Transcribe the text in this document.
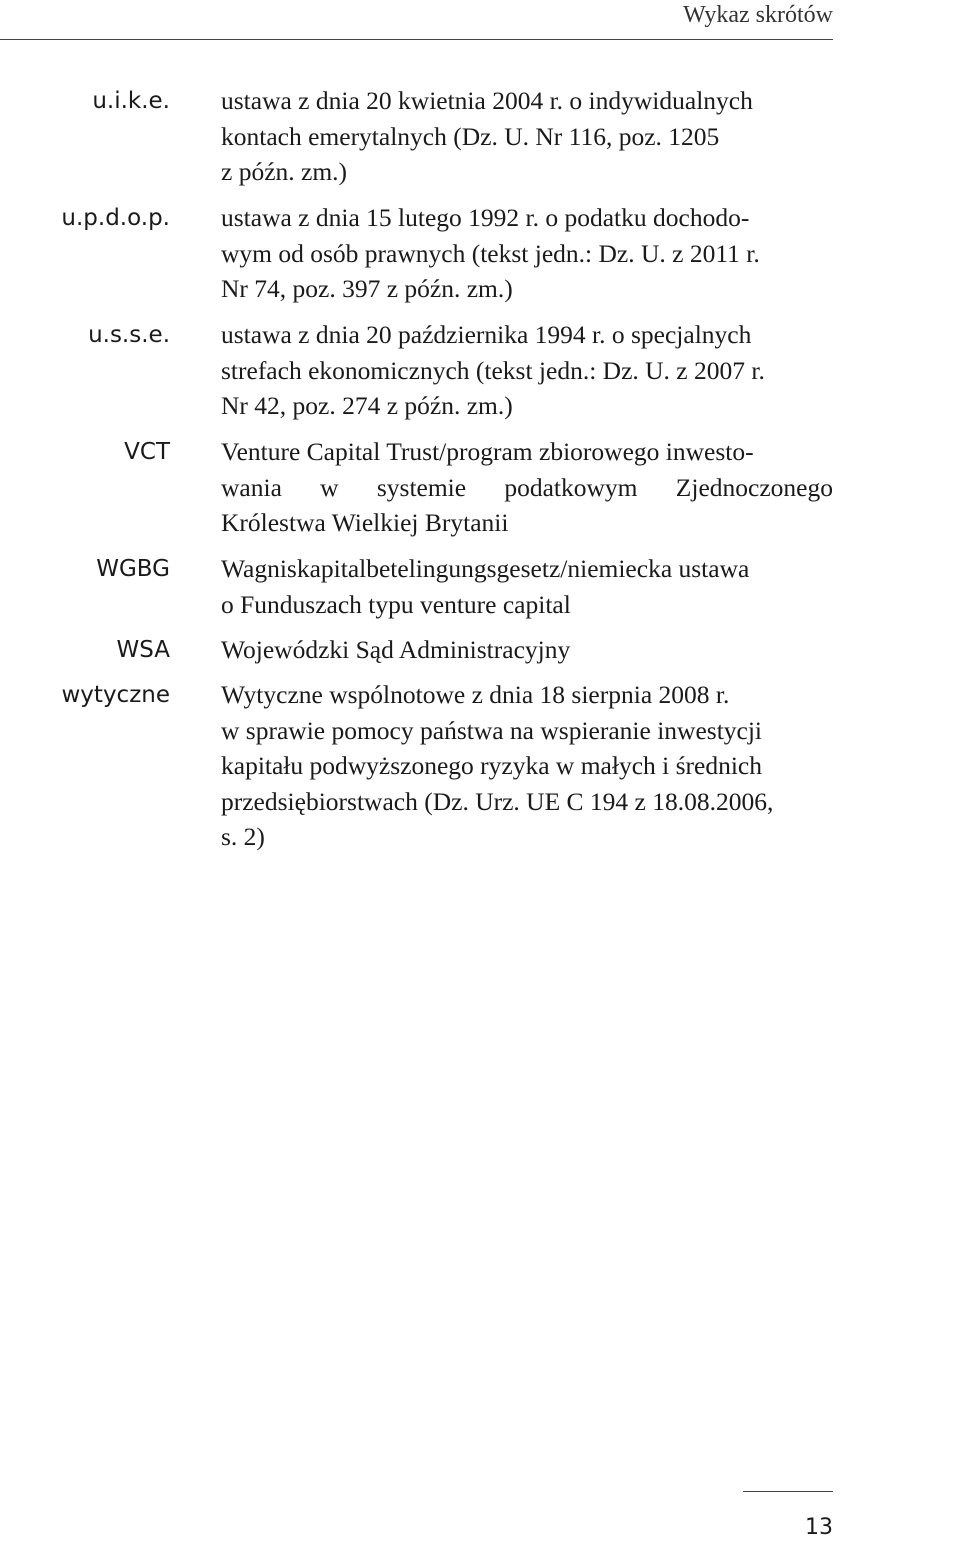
Wykaz skrótów
u.i.k.e. ustawa z dnia 20 kwietnia 2004 r. o indywidualnych
kontach emerytalnych (Dz. U. Nr 116, poz. 1205
z późn. zm.)
u.p.d.o.p. ustawa z dnia 15 lutego 1992 r. o podatku dochodo-
wym od osób prawnych (tekst jedn.: Dz. U. z 2011 r.
Nr 74, poz. 397 z późn. zm.)
u.s.s.e. ustawa z dnia 20 października 1994 r. o specjalnych
strefach ekonomicznych (tekst jedn.: Dz. U. z 2007 r.
Nr 42, poz. 274 z późn. zm.)
VCT Venture Capital Trust/program zbiorowego inwesto-
wania w systemie podatkowym Zjednoczonego
Królestwa Wielkiej Brytanii
WGBG Wagniskapitalbetelingungsgesetz/niemiecka ustawa
o Funduszach typu venture capital
WSA Wojewódzki Sąd Administracyjny
wytyczne Wytyczne wspólnotowe z dnia 18 sierpnia 2008 r.
w sprawie pomocy państwa na wspieranie inwestycji
kapitału podwyższonego ryzyka w małych i średnich
przedsiębiorstwach (Dz. Urz. UE C 194 z 18.08.2006,
s. 2)
13
